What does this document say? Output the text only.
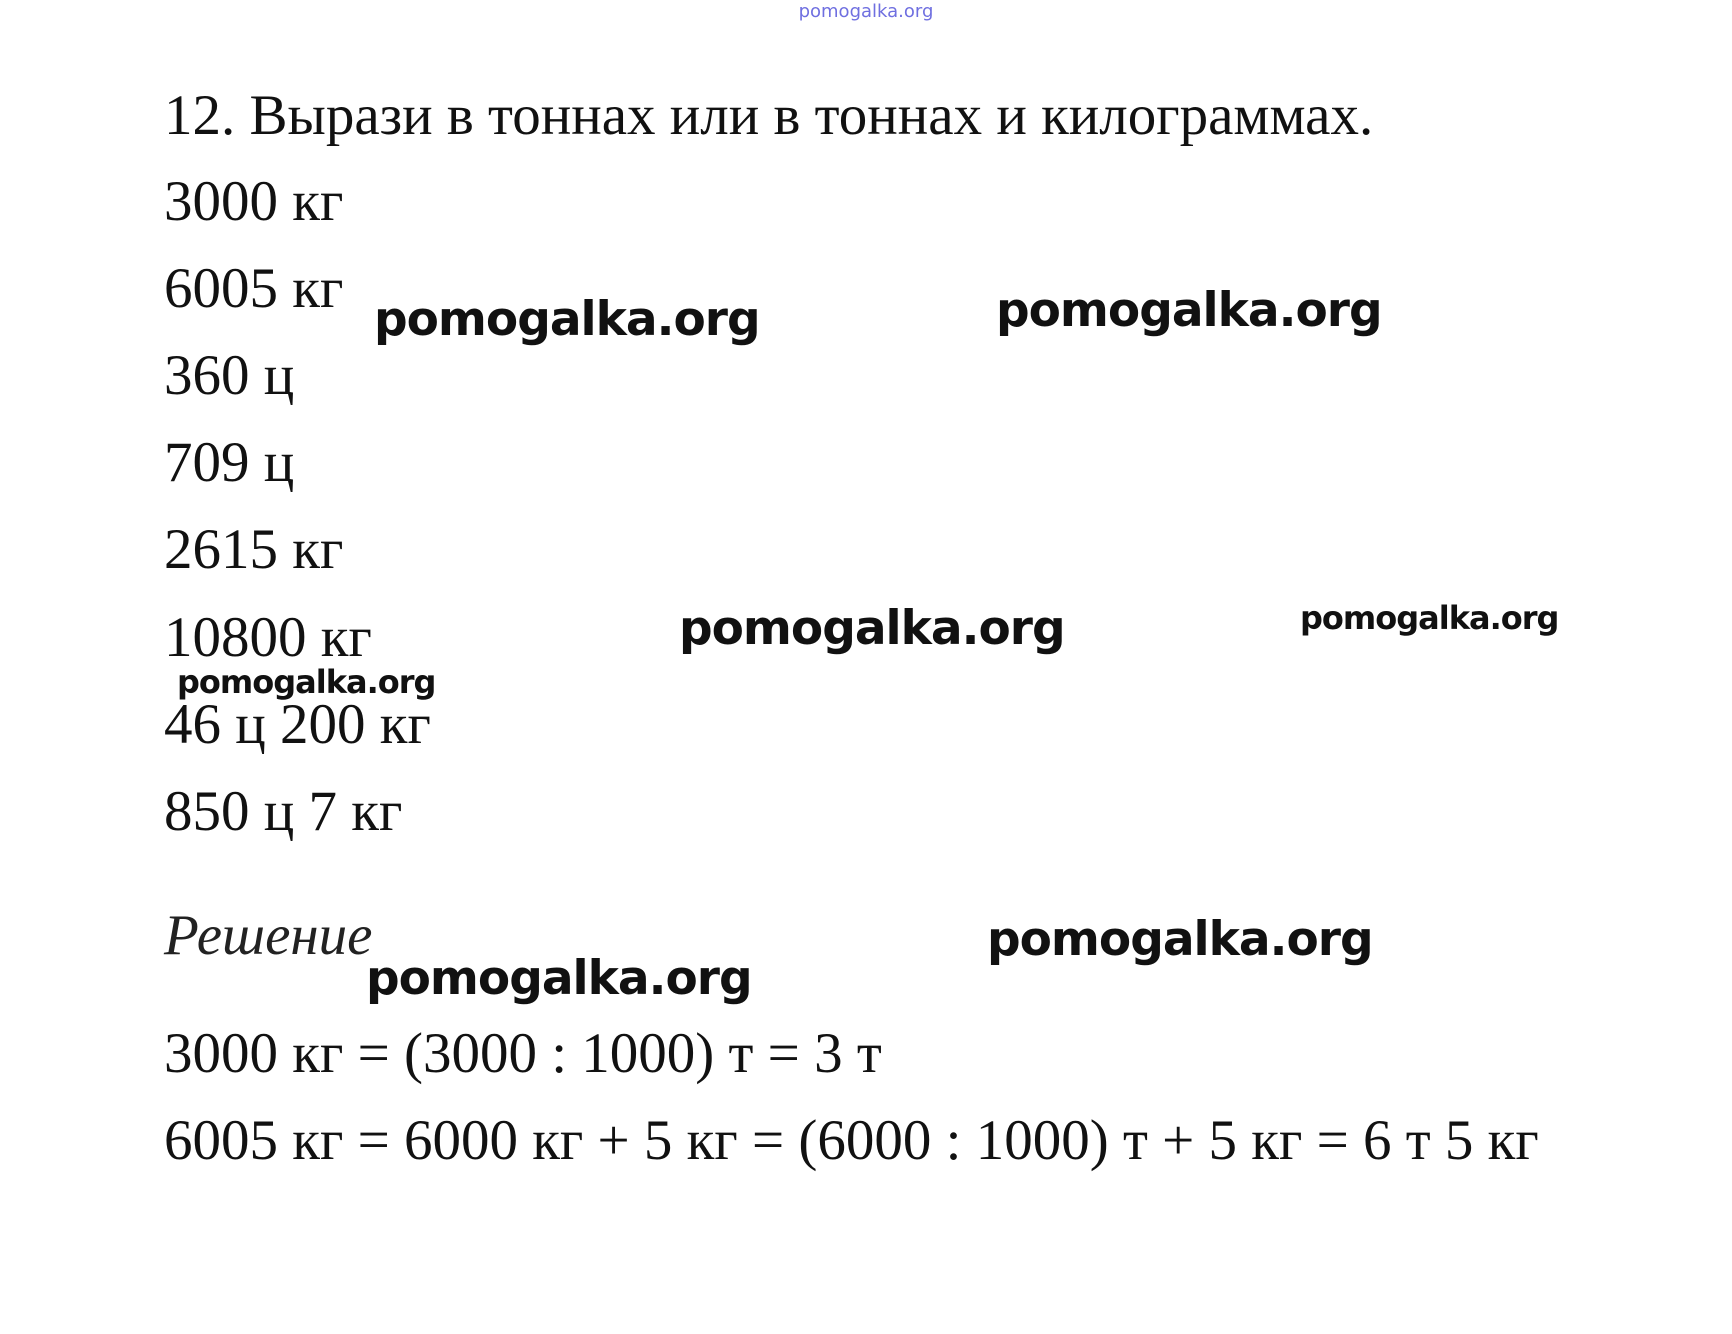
pomogalka.org
12. Вырази в тоннах или в тоннах и килограммах.
3000 кг
6005 кг
360 ц
709 ц
2615 кг
10800 кг
46 ц 200 кг
850 ц 7 кг
Решение
3000 кг = (3000 : 1000) т = 3 т
6005 кг = 6000 кг + 5 кг = (6000 : 1000) т + 5 кг = 6 т 5 кг
pomogalka.org	pomogalka.org
pomogalka.org	pomogalka.org
pomogalka.org
pomogalka.org
pomogalka.org
